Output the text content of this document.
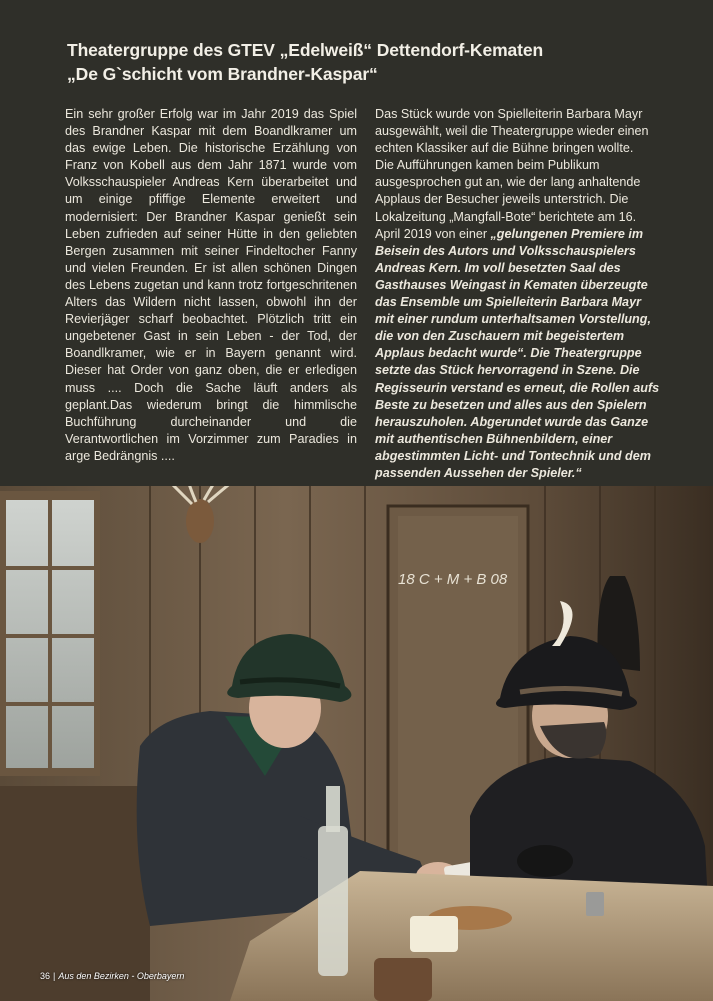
Theatergruppe des GTEV „Edelweiß“ Dettendorf-Kematen
„De G`schicht vom Brandner-Kaspar“

Ein sehr großer Erfolg war im Jahr 2019 das Spiel des Brandner Kaspar mit dem Boandlkramer um das ewige Leben. Die historische Erzählung von Franz von Kobell aus dem Jahr 1871 wurde vom Volksschauspieler Andreas Kern überarbeitet und um einige pfiffige Elemente erweitert und modernisiert: Der Brandner Kaspar genießt sein Leben zufrieden auf seiner Hütte in den geliebten Bergen zusammen mit seiner Findeltocher Fanny und vielen Freunden. Er ist allen schönen Dingen des Lebens zugetan und kann trotz fortgeschritenen Alters das Wildern nicht lassen, obwohl ihn der Revierjäger scharf beobachtet. Plötzlich tritt ein ungebetener Gast in sein Leben - der Tod, der Boandlkramer, wie er in Bayern genannt wird. Dieser hat Order von ganz oben, die er erledigen muss .... Doch die Sache läuft anders als geplant.Das wiederum bringt die himmlische Buchführung durcheinander und die Verantwortlichen im Vorzimmer zum Paradies in arge Bedrängnis ....

Das Stück wurde von Spielleiterin Barbara Mayr ausgewählt, weil die Theatergruppe wieder einen echten Klassiker auf die Bühne bringen wollte.

Die Aufführungen kamen beim Publikum ausgesprochen gut an, wie der lang anhaltende Applaus der Besucher jeweils unterstrich. Die Lokalzeitung „Mangfall-Bote“ berichtete am 16. April 2019 von einer „gelungenen Premiere im Beisein des Autors und Volksschauspielers Andreas Kern. Im voll besetzten Saal des Gasthauses Weingast in Kematen überzeugte das Ensemble um Spielleiterin Barbara Mayr mit einer rundum unterhaltsamen Vorstellung, die von den Zuschauern mit begeistertem Applaus bedacht wurde“. Die Theatergruppe setzte das Stück hervorragend in Szene. Die Regisseurin verstand es erneut, die Rollen aufs Beste zu besetzen und alles aus den Spielern herauszuholen. Abgerundet wurde das Ganze mit authentischen Bühnenbildern, einer abgestimmten Licht- und Tontechnik und dem passenden Aussehen der Spieler.“

18 C + M + B 08
36 | Aus den Bezirken - Oberbayern
